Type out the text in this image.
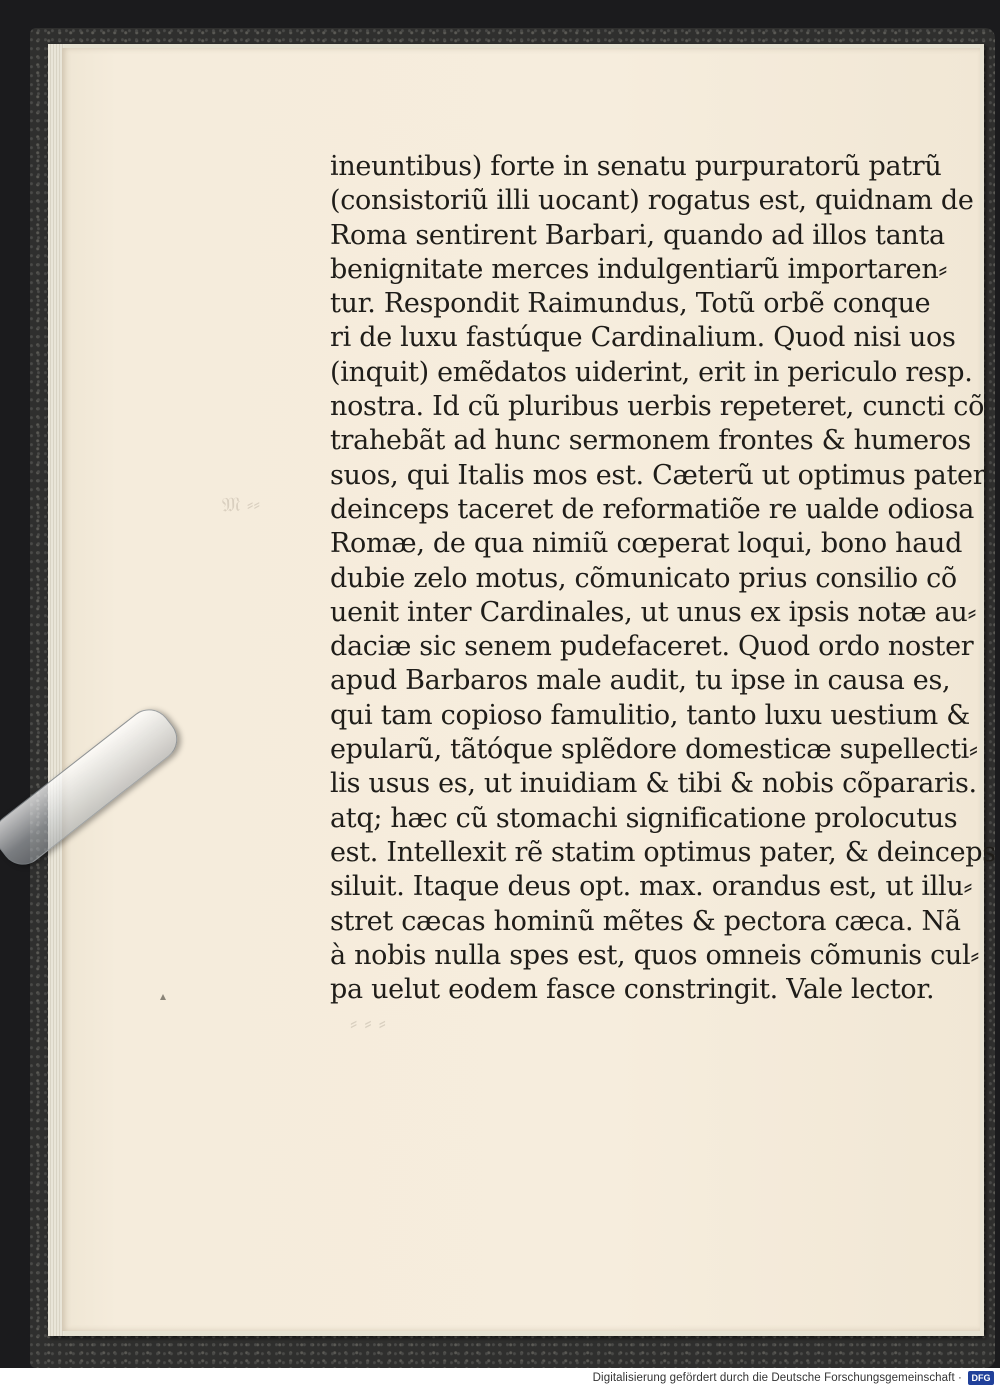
𝔐 ⸗⸗
⸗ ⸗ ⸗
ineuntibus) forte in senatu purpuratorũ patrũ
(consistoriũ illi uocant) rogatus est, quidnam de
Roma sentirent Barbari, quando ad illos tanta
benignitate merces indulgentiarũ importaren⸗
tur. Respondit Raimundus, Totũ orbẽ conque
ri de luxu fastúque Cardinalium. Quod nisi uos
(inquit) emẽdatos uiderint, erit in periculo resp.
nostra. Id cũ pluribus uerbis repeteret, cuncti cõ
trahebãt ad hunc sermonem frontes & humeros
suos, qui Italis mos est. Cæterũ ut optimus pater
deinceps taceret de reformatiõe re ualde odiosa
Romæ, de qua nimiũ cœperat loqui, bono haud
dubie zelo motus, cõmunicato prius consilio cõ
uenit inter Cardinales, ut unus ex ipsis notæ au⸗
daciæ sic senem pudefaceret. Quod ordo noster
apud Barbaros male audit, tu ipse in causa es,
qui tam copioso famulitio, tanto luxu uestium &
epularũ, tãtóque splẽdore domesticæ supellecti⸗
lis usus es, ut inuidiam & tibi & nobis cõpararis.
atq; hæc cũ stomachi significatione prolocutus
est. Intellexit rẽ statim optimus pater, & deinceps
siluit. Itaque deus opt. max. orandus est, ut illu⸗
stret cæcas hominũ mẽtes & pectora cæca. Nã
à nobis nulla spes est, quos omneis cõmunis cul⸗
pa uelut eodem fasce constringit. Vale lector.
Digitalisierung gefördert durch die Deutsche Forschungsgemeinschaft ·	DFG
